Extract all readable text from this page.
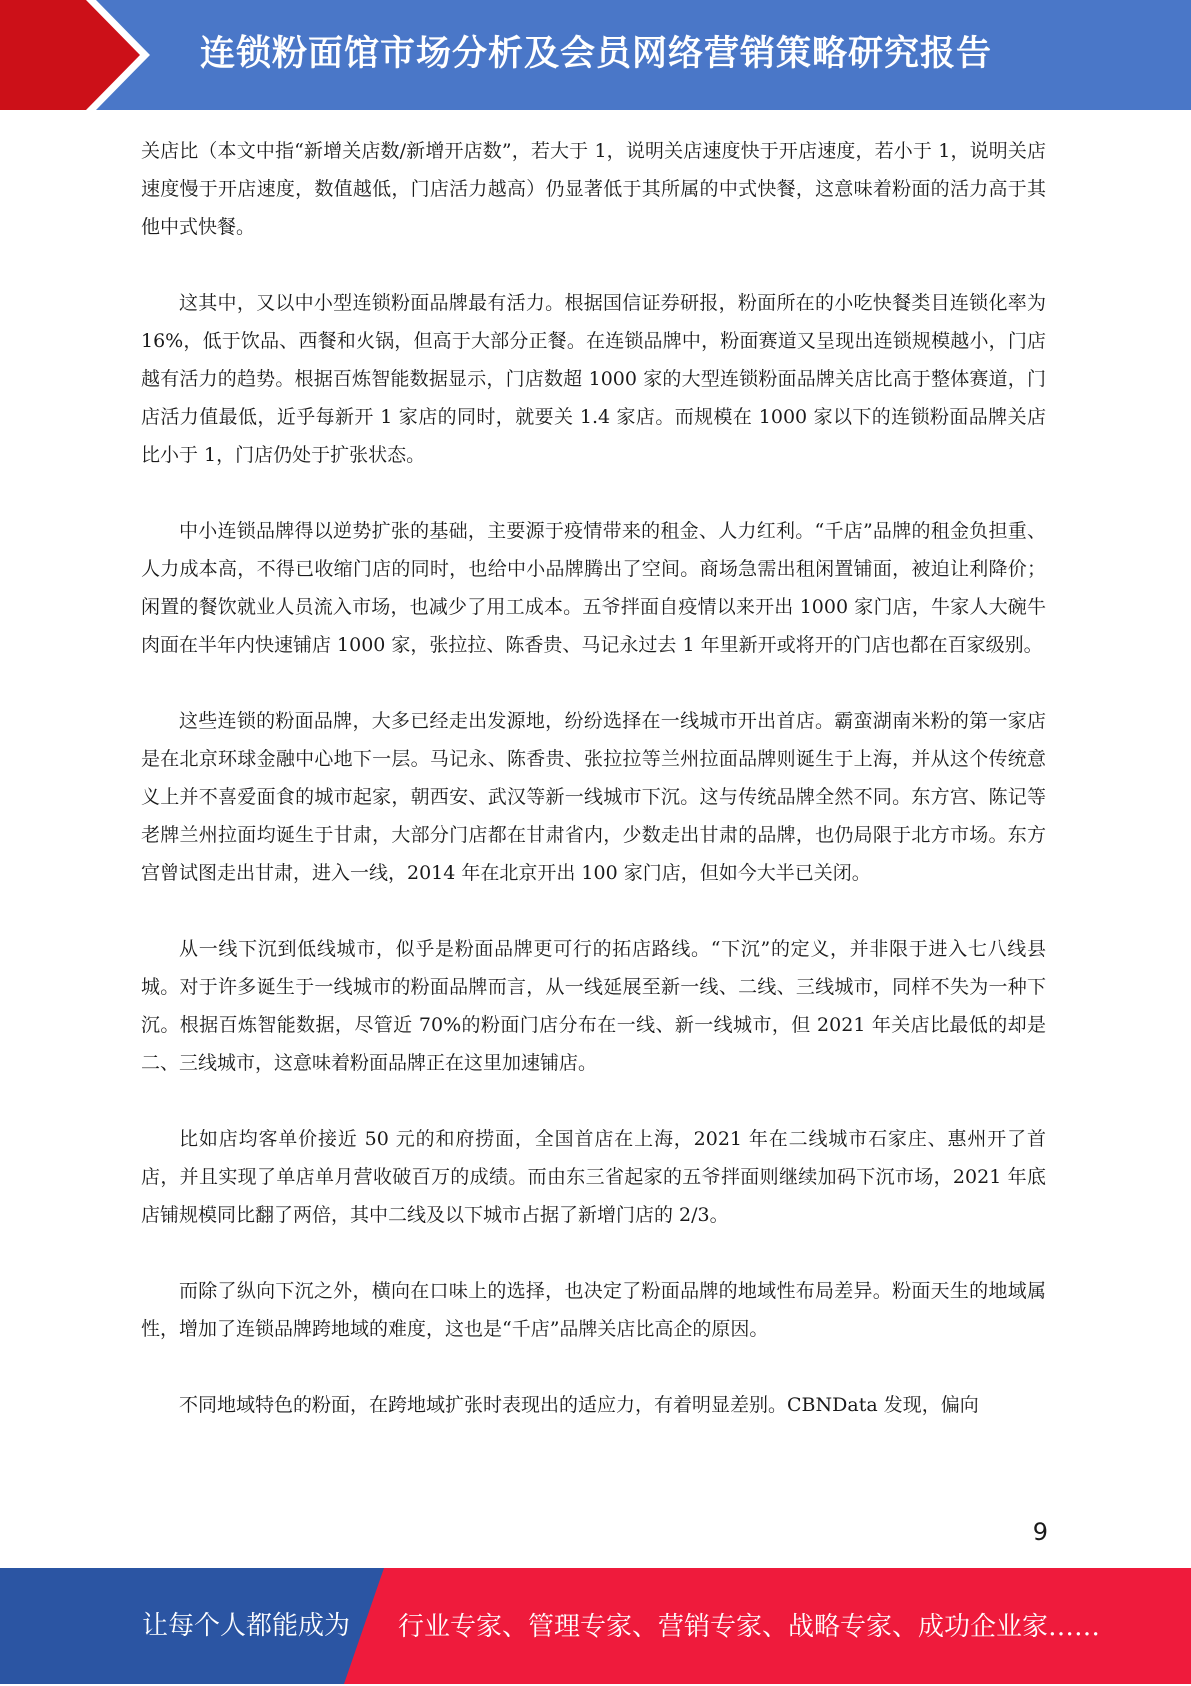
连锁粉面馆市场分析及会员网络营销策略研究报告

关店比（本文中指“新增关店数/新增开店数”，若大于 1，说明关店速度快于开店速度，若小于 1，说明关店速度慢于开店速度，数值越低，门店活力越高）仍显著低于其所属的中式快餐，这意味着粉面的活力高于其他中式快餐。

这其中，又以中小型连锁粉面品牌最有活力。根据国信证券研报，粉面所在的小吃快餐类目连锁化率为 16%，低于饮品、西餐和火锅，但高于大部分正餐。在连锁品牌中，粉面赛道又呈现出连锁规模越小，门店越有活力的趋势。根据百炼智能数据显示，门店数超 1000 家的大型连锁粉面品牌关店比高于整体赛道，门店活力值最低，近乎每新开 1 家店的同时，就要关 1.4 家店。而规模在 1000 家以下的连锁粉面品牌关店比小于 1，门店仍处于扩张状态。

中小连锁品牌得以逆势扩张的基础，主要源于疫情带来的租金、人力红利。“千店”品牌的租金负担重、人力成本高，不得已收缩门店的同时，也给中小品牌腾出了空间。商场急需出租闲置铺面，被迫让利降价；闲置的餐饮就业人员流入市场，也减少了用工成本。五爷拌面自疫情以来开出 1000 家门店，牛家人大碗牛肉面在半年内快速铺店 1000 家，张拉拉、陈香贵、马记永过去 1 年里新开或将开的门店也都在百家级别。

这些连锁的粉面品牌，大多已经走出发源地，纷纷选择在一线城市开出首店。霸蛮湖南米粉的第一家店是在北京环球金融中心地下一层。马记永、陈香贵、张拉拉等兰州拉面品牌则诞生于上海，并从这个传统意义上并不喜爱面食的城市起家，朝西安、武汉等新一线城市下沉。这与传统品牌全然不同。东方宫、陈记等老牌兰州拉面均诞生于甘肃，大部分门店都在甘肃省内，少数走出甘肃的品牌，也仍局限于北方市场。东方宫曾试图走出甘肃，进入一线，2014 年在北京开出 100 家门店，但如今大半已关闭。

从一线下沉到低线城市，似乎是粉面品牌更可行的拓店路线。“下沉”的定义，并非限于进入七八线县城。对于许多诞生于一线城市的粉面品牌而言，从一线延展至新一线、二线、三线城市，同样不失为一种下沉。根据百炼智能数据，尽管近 70%的粉面门店分布在一线、新一线城市，但 2021 年关店比最低的却是二、三线城市，这意味着粉面品牌正在这里加速铺店。

比如店均客单价接近 50 元的和府捞面，全国首店在上海，2021 年在二线城市石家庄、惠州开了首店，并且实现了单店单月营收破百万的成绩。而由东三省起家的五爷拌面则继续加码下沉市场，2021 年底店铺规模同比翻了两倍，其中二线及以下城市占据了新增门店的 2/3。

而除了纵向下沉之外，横向在口味上的选择，也决定了粉面品牌的地域性布局差异。粉面天生的地域属性，增加了连锁品牌跨地域的难度，这也是“千店”品牌关店比高企的原因。

不同地域特色的粉面，在跨地域扩张时表现出的适应力，有着明显差别。CBNData 发现，偏向

9
让每个人都能成为 行业专家、管理专家、营销专家、战略专家、成功企业家……
